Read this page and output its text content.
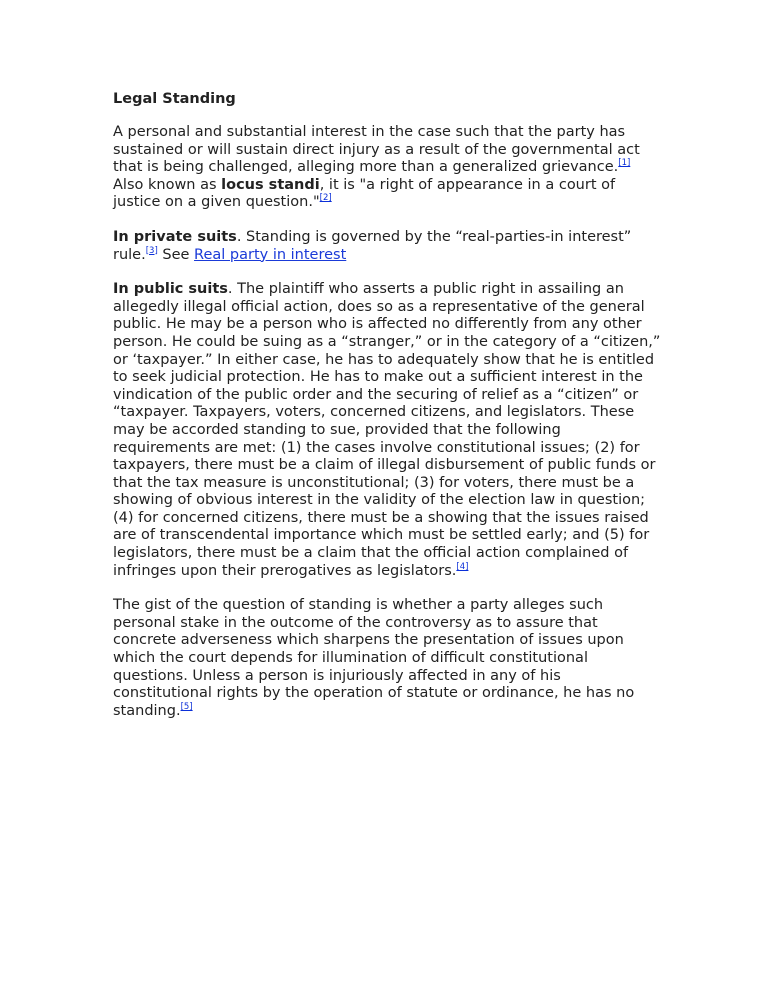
Legal Standing

A personal and substantial interest in the case such that the party has sustained or will sustain direct injury as a result of the governmental act that is being challenged, alleging more than a generalized grievance.[1] Also known as locus standi, it is "a right of appearance in a court of justice on a given question."[2]

In private suits. Standing is governed by the “real-parties-in interest” rule.[3] See Real party in interest

In public suits. The plaintiff who asserts a public right in assailing an allegedly illegal official action, does so as a representative of the general public. He may be a person who is affected no differently from any other person. He could be suing as a “stranger,” or in the category of a “citizen,” or ‘taxpayer.” In either case, he has to adequately show that he is entitled to seek judicial protection. He has to make out a sufficient interest in the vindication of the public order and the securing of relief as a “citizen” or “taxpayer. Taxpayers, voters, concerned citizens, and legislators. These may be accorded standing to sue, provided that the following requirements are met: (1) the cases involve constitutional issues; (2) for taxpayers, there must be a claim of illegal disbursement of public funds or that the tax measure is unconstitutional; (3) for voters, there must be a showing of obvious interest in the validity of the election law in question; (4) for concerned citizens, there must be a showing that the issues raised are of transcendental importance which must be settled early; and (5) for legislators, there must be a claim that the official action complained of infringes upon their prerogatives as legislators.[4]

The gist of the question of standing is whether a party alleges such personal stake in the outcome of the controversy as to assure that concrete adverseness which sharpens the presentation of issues upon which the court depends for illumination of difficult constitutional questions. Unless a person is injuriously affected in any of his constitutional rights by the operation of statute or ordinance, he has no standing.[5]
